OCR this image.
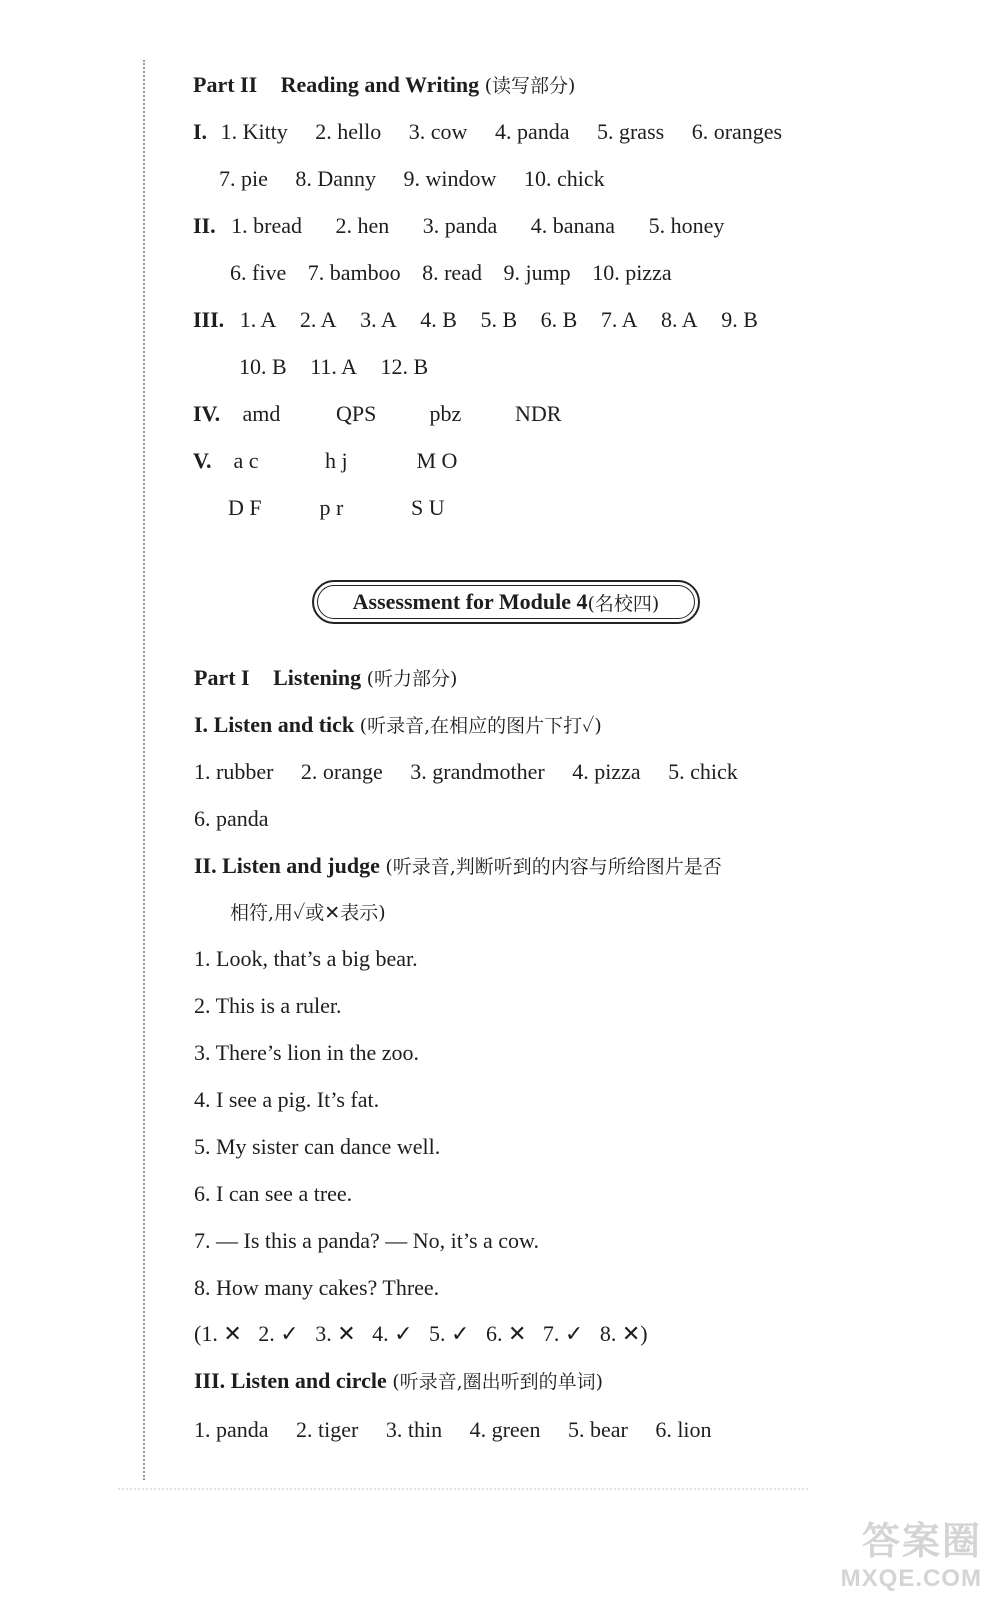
Part II Reading and Writing (读写部分)
I. 1. Kitty 2. hello 3. cow 4. panda 5. grass 6. oranges
7. pie 8. Danny 9. window 10. chick
II. 1. bread 2. hen 3. panda 4. banana 5. honey
6. five 7. bamboo 8. read 9. jump 10. pizza
III. 1. A 2. A 3. A 4. B 5. B 6. B 7. A 8. A 9. B
10. B 11. A 12. B
IV. amd	QPS pbz NDR
V. a c	h j	M O
D F	p r	S U
Assessment for Module 4 (名校四)
Part I Listening (听力部分)
I. Listen and tick (听录音,在相应的图片下打✓)
1. rubber 2. orange 3. grandmother 4. pizza 5. chick
6. panda
II. Listen and judge (听录音,判断听到的内容与所给图片是否
相符,用✓或✕表示)
1. Look, that’s a big bear.
2. This is a ruler.
3. There’s lion in the zoo.
4. I see a pig. It’s fat.
5. My sister can dance well.
6. I can see a tree.
7. — Is this a panda? — No, it’s a cow.
8. How many cakes? Three.
(1. ✕   2. ✓   3. ✕   4. ✓   5. ✓   6. ✕   7. ✓   8. ✕)
III. Listen and circle (听录音,圈出听到的单词)
1. panda 2. tiger 3. thin 4. green 5. bear 6. lion
答案圈
MXQE.COM
